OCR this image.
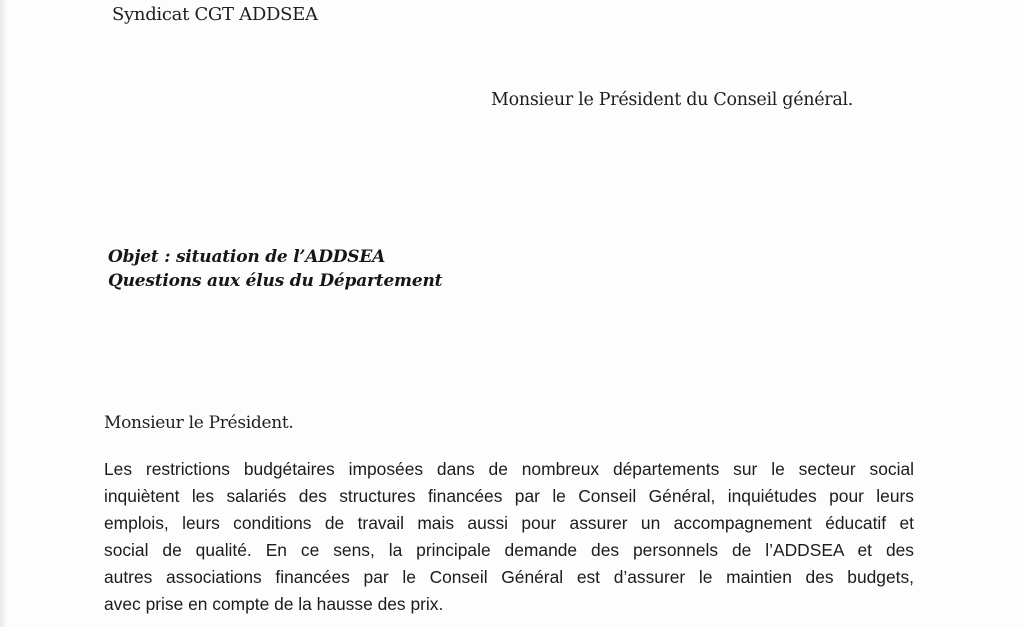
Syndicat CGT ADDSEA
Monsieur le Président du Conseil général.
Objet : situation de l’ADDSEA
Questions aux élus du Département
Monsieur le Président.
Les restrictions budgétaires imposées dans de nombreux départements sur le secteur social
inquiètent les salariés des structures financées par le Conseil Général, inquiétudes pour leurs
emplois, leurs conditions de travail mais aussi pour assurer un accompagnement éducatif et
social de qualité. En ce sens, la principale demande des personnels de l’ADDSEA et des
autres associations financées par le Conseil Général est d’assurer le maintien des budgets,
avec prise en compte de la hausse des prix.
